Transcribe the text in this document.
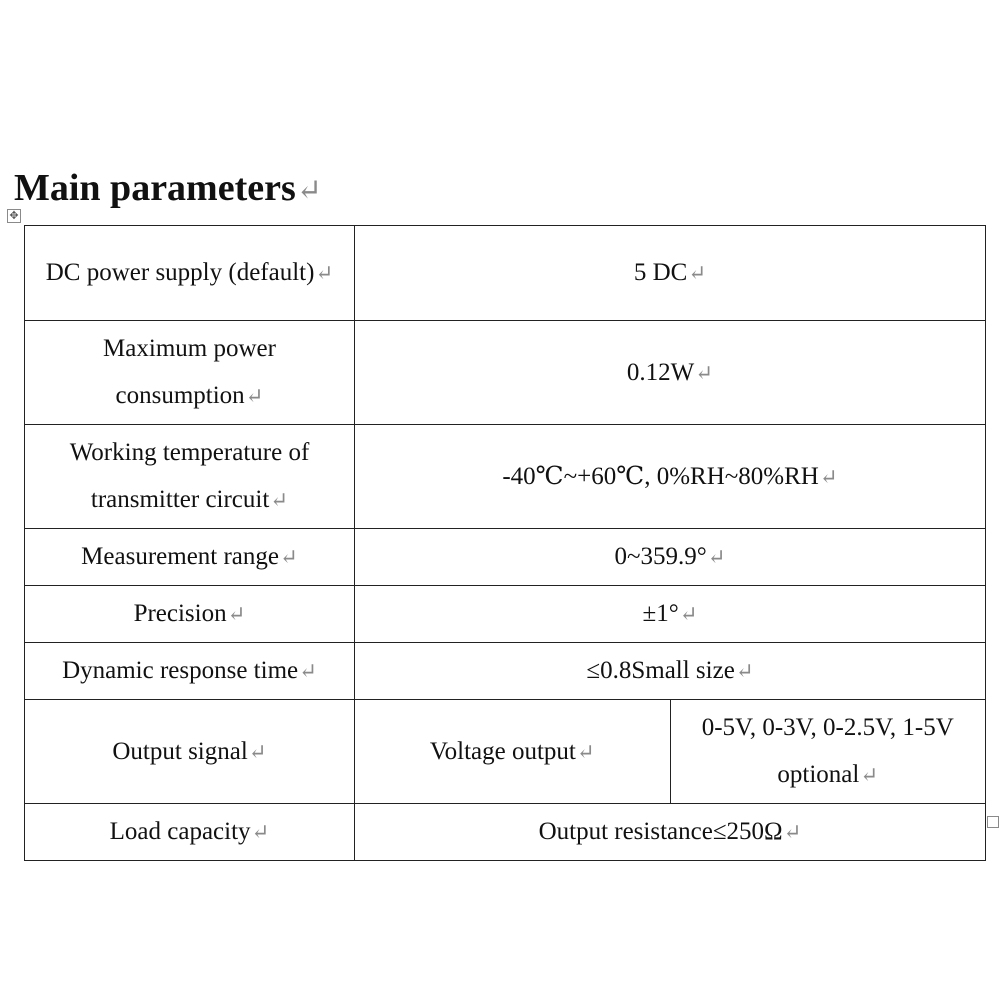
Main parameters↵
✥
DC power supply (default)↵	5 DC↵	
Maximum power consumption↵	0.12W↵	
Working temperature of transmitter circuit↵	-40℃~+60℃, 0%RH~80%RH↵	
Measurement range↵	0~359.9°↵	
Precision↵	±1°↵	
Dynamic response time↵	≤0.8Small size↵	
Output signal↵	Voltage output↵	0-5V, 0-3V, 0-2.5V, 1-5V optional↵
Load capacity↵	Output resistance≤250Ω↵	
